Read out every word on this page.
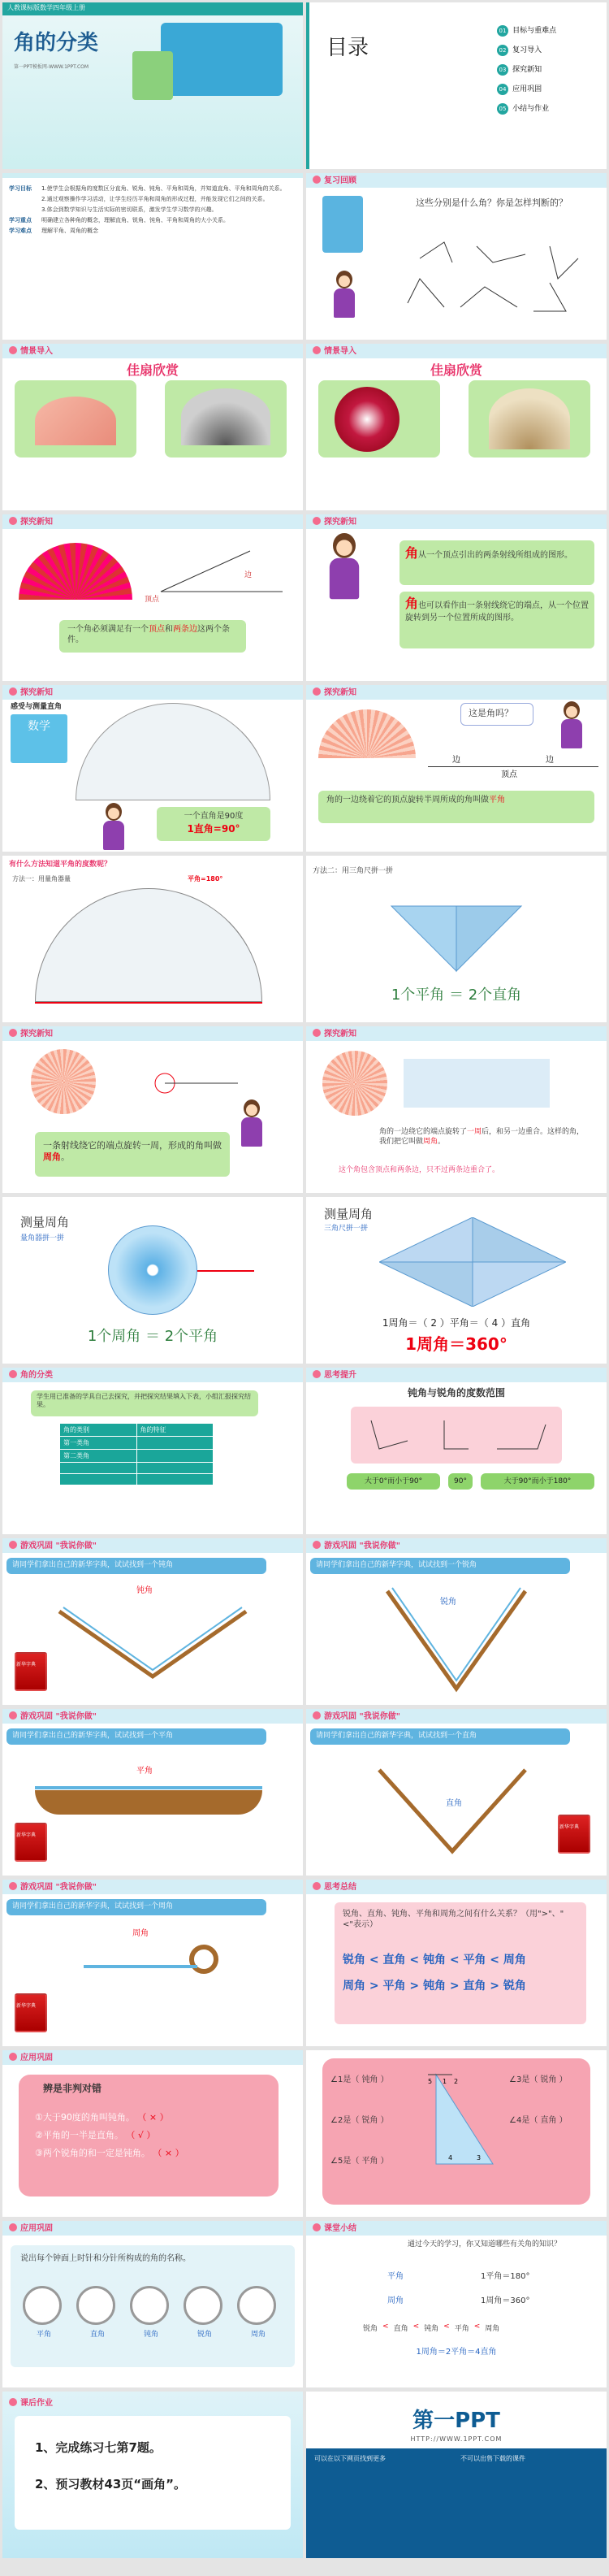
人教课标版数学四年级上册
角的分类
第一PPT模板网-WWW.1PPT.COM
目录
01 目标与重难点
02 复习导入
03 探究新知
04 应用巩固
05 小结与作业
学习目标	1.使学生会根据角的度数区分直角、锐角、钝角、平角和周角，并知道直角、平角和周角的关系。
2.通过观察操作学习活动，让学生经历平角和周角的形成过程，并能发现它们之间的关系。
3.体会到数学知识与生活实际的密切联系，激发学生学习数学的兴趣。
学习重点	明确建立各种角的概念，理解直角、锐角、钝角、平角和周角的大小关系。
学习难点	理解平角、周角的概念
复习回顾
这些分别是什么角？你是怎样判断的？
情景导入
佳扇欣赏
情景导入
佳扇欣赏
探究新知
边
顶点
一个角必须满足有一个顶点和两条边这两个条件。
探究新知
角从一个顶点引出的两条射线所组成的图形。
角也可以看作由一条射线绕它的端点，从一个位置旋转到另一个位置所成的图形。
探究新知
感受与测量直角
数学
一个直角是90度
1直角=90°
探究新知
这是角吗？
边	边
顶点
角的一边绕着它的顶点旋转半周所成的角叫做平角
有什么方法知道平角的度数呢？
方法一：用量角器量	平角=180°
方法二：用三角尺拼一拼
1个平角 ＝ 2个直角
探究新知
一条射线绕它的端点旋转一周，形成的角叫做周角。
探究新知
角的一边绕它的端点旋转了一周后，和另一边重合。这样的角，我们把它叫做周角。
这个角包含顶点和两条边，只不过两条边重合了。
测量周角
量角器拼一拼
1个周角 ＝ 2个平角
测量周角
三角尺拼一拼
1周角＝（ 2 ）平角＝（ 4 ）直角
1周角＝360°
角的分类
学生用已准备的学具自己去探究，并把探究结果填入下表，小组汇报探究结果。
角的类别	角的特征
第一类角	
第二类角	

思考提升
钝角与锐角的度数范围
大于0°而小于90°	90°	大于90°而小于180°
游戏巩固 "我说你做"
请同学们拿出自己的新华字典，试试找到一个钝角
钝角
新华字典
游戏巩固 "我说你做"
请同学们拿出自己的新华字典，试试找到一个锐角
锐角
游戏巩固 "我说你做"
请同学们拿出自己的新华字典，试试找到一个平角
平角
新华字典
游戏巩固 "我说你做"
请同学们拿出自己的新华字典，试试找到一个直角
直角
新华字典
游戏巩固 "我说你做"
请同学们拿出自己的新华字典，试试找到一个周角
周角
新华字典
思考总结
锐角、直角、钝角、平角和周角之间有什么关系？（用">"、"<"表示）
锐角 < 直角 < 钝角 < 平角 < 周角
周角 > 平角 > 钝角 > 直角 > 锐角
应用巩固
辨是非判对错
①大于90度的角叫钝角。 （ × ）
②平角的一半是直角。 （ √ ）
③两个锐角的和一定是钝角。 （ × ）
∠1是（ 钝角 ）
∠2是（ 锐角 ）
∠5是（ 平角 ）
∠3是（ 锐角 ）
∠4是（ 直角 ）
1 2
3
4
5
应用巩固
说出每个钟面上时针和分针所构成的角的名称。
平角	直角	钝角	锐角	周角
课堂小结
通过今天的学习，你又知道哪些有关角的知识？
平角	1平角＝180°
周角	1周角＝360°
锐角 < 直角 < 钝角 < 平角 < 周角
1周角＝2平角＝4直角
课后作业
1、完成练习七第7题。
2、预习教材43页“画角”。
第一PPT
HTTP://WWW.1PPT.COM
可以在以下网页找到更多	不可以出售下载的课件
